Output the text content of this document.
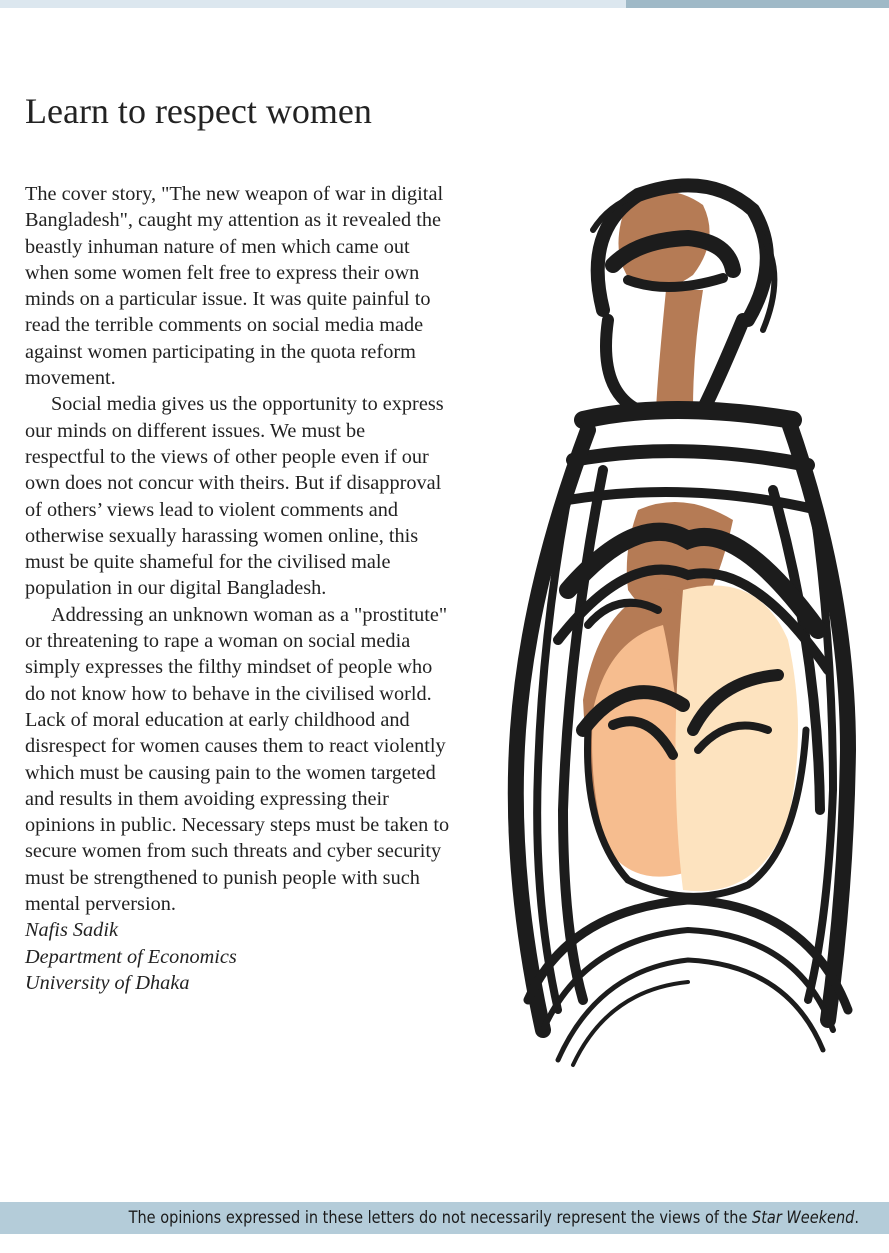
Learn to respect women

The cover story, "The new weapon of war in digital Bangladesh", caught my attention as it revealed the beastly inhuman nature of men which came out when some women felt free to express their own minds on a particular issue. It was quite painful to read the terrible comments on social media made against women participating in the quota reform movement.

Social media gives us the opportunity to express our minds on different issues. We must be respectful to the views of other people even if our own does not concur with theirs. But if disapproval of others’ views lead to violent comments and otherwise sexually harassing women online, this must be quite shameful for the civilised male population in our digital Bangladesh.

Addressing an unknown woman as a "prostitute" or threatening to rape a woman on social media simply expresses the filthy mindset of people who do not know how to behave in the civilised world. Lack of moral education at early childhood and disrespect for women causes them to react violently which must be causing pain to the women targeted and results in them avoiding expressing their opinions in public. Necessary steps must be taken to secure women from such threats and cyber security must be strengthened to punish people with such mental perversion.

Nafis Sadik

Department of Economics

University of Dhaka

The opinions expressed in these letters do not necessarily represent the views of the Star Weekend.
